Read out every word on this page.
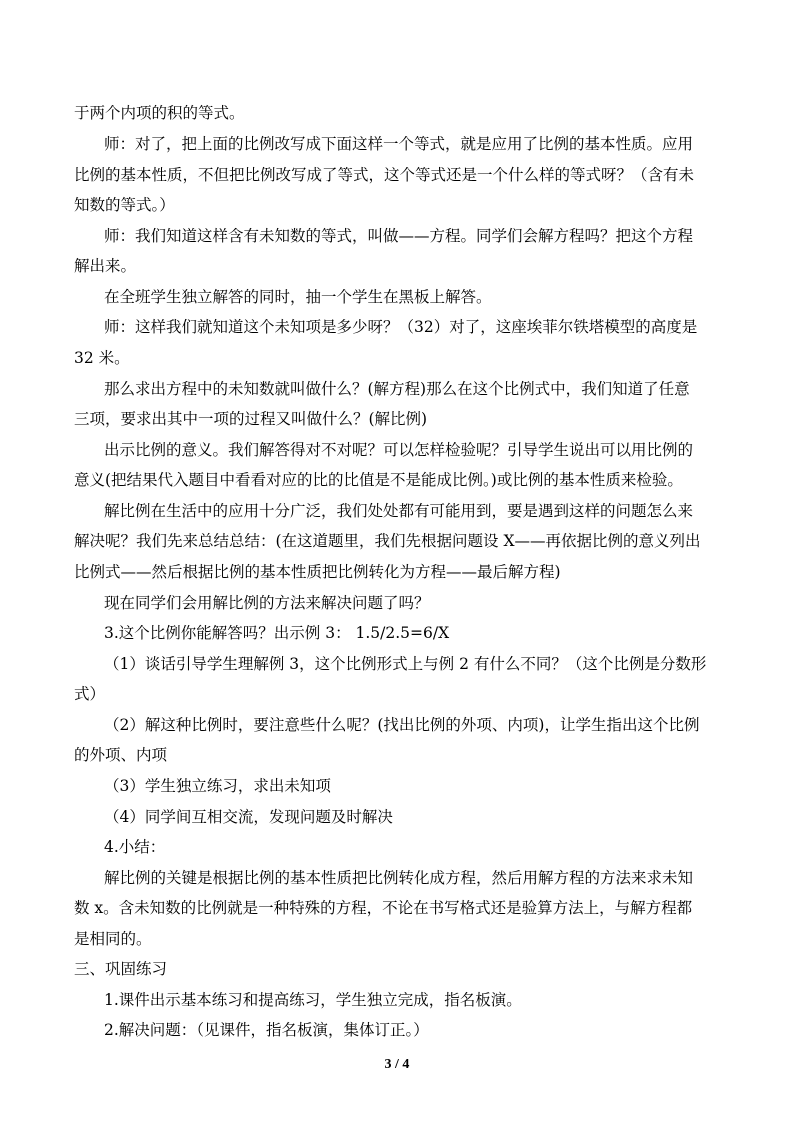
于两个内项的积的等式。
师：对了，把上面的比例改写成下面这样一个等式，就是应用了比例的基本性质。应用
比例的基本性质，不但把比例改写成了等式，这个等式还是一个什么样的等式呀？（含有未
知数的等式。）
师：我们知道这样含有未知数的等式，叫做——方程。同学们会解方程吗？把这个方程
解出来。
在全班学生独立解答的同时，抽一个学生在黑板上解答。
师：这样我们就知道这个未知项是多少呀？（32）对了，这座埃菲尔铁塔模型的高度是
32 米。
那么求出方程中的未知数就叫做什么？(解方程)那么在这个比例式中，我们知道了任意
三项，要求出其中一项的过程又叫做什么？(解比例)
出示比例的意义。我们解答得对不对呢？可以怎样检验呢？引导学生说出可以用比例的
意义(把结果代入题目中看看对应的比的比值是不是能成比例。)或比例的基本性质来检验。
解比例在生活中的应用十分广泛，我们处处都有可能用到，要是遇到这样的问题怎么来
解决呢？我们先来总结总结：(在这道题里，我们先根据问题设 X——再依据比例的意义列出
比例式——然后根据比例的基本性质把比例转化为方程——最后解方程)
现在同学们会用解比例的方法来解决问题了吗？
3.这个比例你能解答吗？出示例 3： 1.5/2.5=6/X
（1）谈话引导学生理解例 3，这个比例形式上与例 2 有什么不同？（这个比例是分数形
式）
（2）解这种比例时，要注意些什么呢？(找出比例的外项、内项)，让学生指出这个比例
的外项、内项
（3）学生独立练习，求出未知项
（4）同学间互相交流，发现问题及时解决
4.小结：
解比例的关键是根据比例的基本性质把比例转化成方程，然后用解方程的方法来求未知
数 x。含未知数的比例就是一种特殊的方程，不论在书写格式还是验算方法上，与解方程都
是相同的。
三、巩固练习
1.课件出示基本练习和提高练习，学生独立完成，指名板演。
2.解决问题：（见课件，指名板演，集体订正。）
3 / 4
